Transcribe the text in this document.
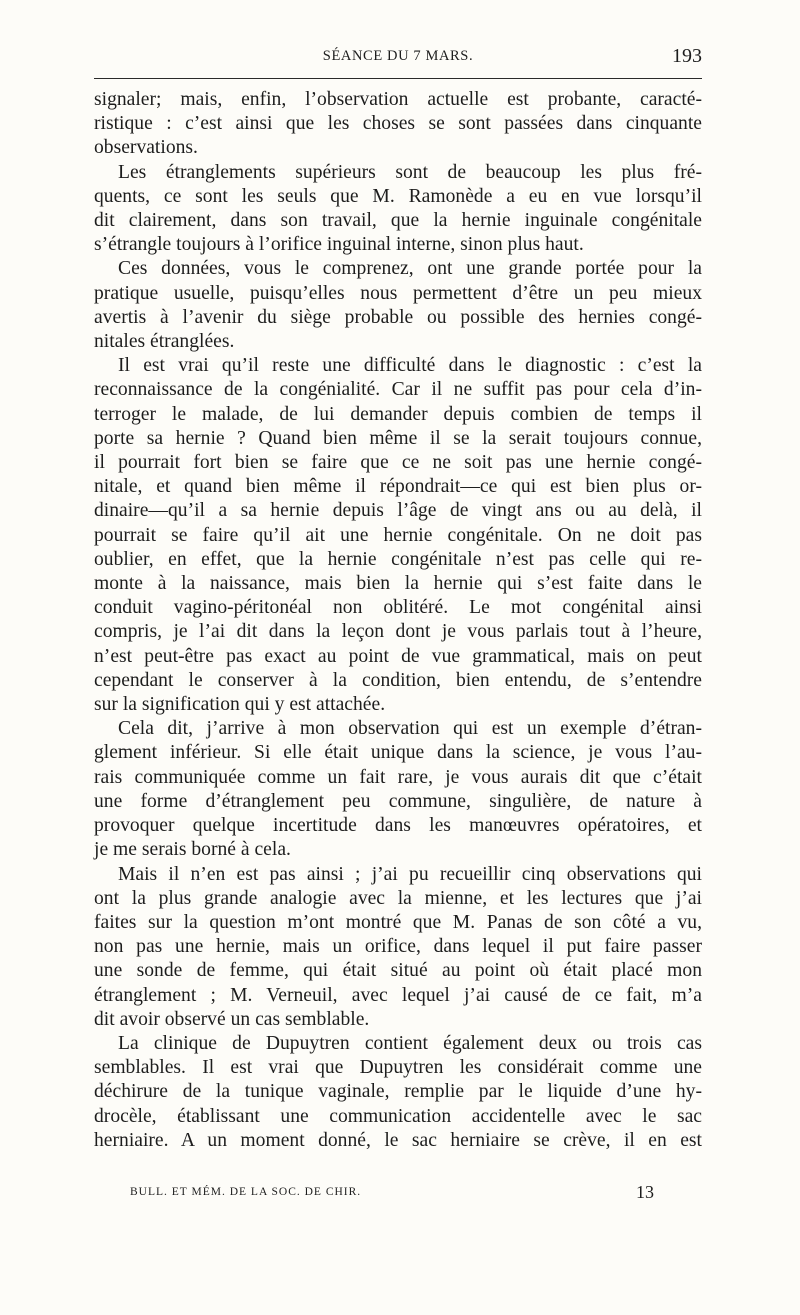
SÉANCE DU 7 MARS.	193
signaler; mais, enfin, l’observation actuelle est probante, caracté-
ristique : c’est ainsi que les choses se sont passées dans cinquante
observations.
Les étranglements supérieurs sont de beaucoup les plus fré-
quents, ce sont les seuls que M. Ramonède a eu en vue lorsqu’il
dit clairement, dans son travail, que la hernie inguinale congénitale
s’étrangle toujours à l’orifice inguinal interne, sinon plus haut.
Ces données, vous le comprenez, ont une grande portée pour la
pratique usuelle, puisqu’elles nous permettent d’être un peu mieux
avertis à l’avenir du siège probable ou possible des hernies congé-
nitales étranglées.
Il est vrai qu’il reste une difficulté dans le diagnostic : c’est la
reconnaissance de la congénialité. Car il ne suffit pas pour cela d’in-
terroger le malade, de lui demander depuis combien de temps il
porte sa hernie ? Quand bien même il se la serait toujours connue,
il pourrait fort bien se faire que ce ne soit pas une hernie congé-
nitale, et quand bien même il répondrait—ce qui est bien plus or-
dinaire—qu’il a sa hernie depuis l’âge de vingt ans ou au delà, il
pourrait se faire qu’il ait une hernie congénitale. On ne doit pas
oublier, en effet, que la hernie congénitale n’est pas celle qui re-
monte à la naissance, mais bien la hernie qui s’est faite dans le
conduit vagino-péritonéal non oblitéré. Le mot congénital ainsi
compris, je l’ai dit dans la leçon dont je vous parlais tout à l’heure,
n’est peut-être pas exact au point de vue grammatical, mais on peut
cependant le conserver à la condition, bien entendu, de s’entendre
sur la signification qui y est attachée.
Cela dit, j’arrive à mon observation qui est un exemple d’étran-
glement inférieur. Si elle était unique dans la science, je vous l’au-
rais communiquée comme un fait rare, je vous aurais dit que c’était
une forme d’étranglement peu commune, singulière, de nature à
provoquer quelque incertitude dans les manœuvres opératoires, et
je me serais borné à cela.
Mais il n’en est pas ainsi ; j’ai pu recueillir cinq observations qui
ont la plus grande analogie avec la mienne, et les lectures que j’ai
faites sur la question m’ont montré que M. Panas de son côté a vu,
non pas une hernie, mais un orifice, dans lequel il put faire passer
une sonde de femme, qui était situé au point où était placé mon
étranglement ; M. Verneuil, avec lequel j’ai causé de ce fait, m’a
dit avoir observé un cas semblable.
La clinique de Dupuytren contient également deux ou trois cas
semblables. Il est vrai que Dupuytren les considérait comme une
déchirure de la tunique vaginale, remplie par le liquide d’une hy-
drocèle, établissant une communication accidentelle avec le sac
herniaire. A un moment donné, le sac herniaire se crève, il en est
BULL. ET MÉM. DE LA SOC. DE CHIR.	13
